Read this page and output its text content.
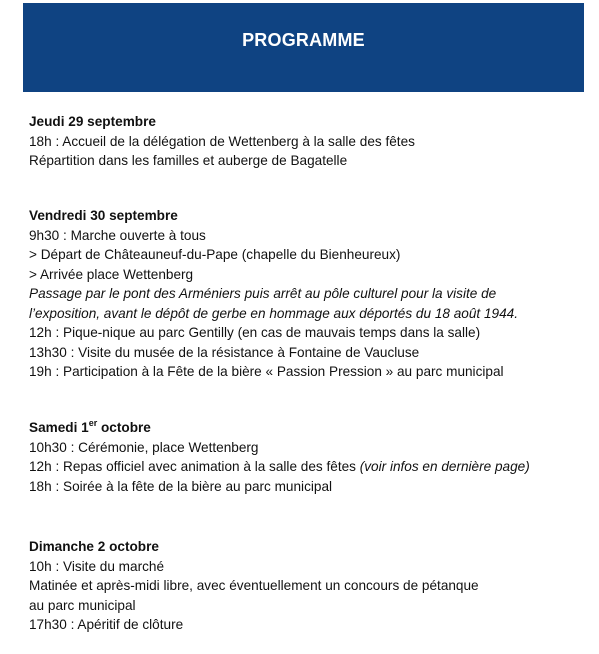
PROGRAMME
Jeudi 29 septembre
18h : Accueil de la délégation de Wettenberg à la salle des fêtes
Répartition dans les familles et auberge de Bagatelle
Vendredi 30 septembre
9h30 : Marche ouverte à tous
> Départ de Châteauneuf-du-Pape (chapelle du Bienheureux)
> Arrivée place Wettenberg
Passage par le pont des Arméniers puis arrêt au pôle culturel pour la visite de
l’exposition, avant le dépôt de gerbe en hommage aux déportés du 18 août 1944.
12h : Pique-nique au parc Gentilly (en cas de mauvais temps dans la salle)
13h30 : Visite du musée de la résistance à Fontaine de Vaucluse
19h : Participation à la Fête de la bière « Passion Pression » au parc municipal
Samedi 1er octobre
10h30 : Cérémonie, place Wettenberg
12h : Repas officiel avec animation à la salle des fêtes (voir infos en dernière page)
18h : Soirée à la fête de la bière au parc municipal
Dimanche 2 octobre
10h : Visite du marché
Matinée et après-midi libre, avec éventuellement un concours de pétanque
au parc municipal
17h30 : Apéritif de clôture
